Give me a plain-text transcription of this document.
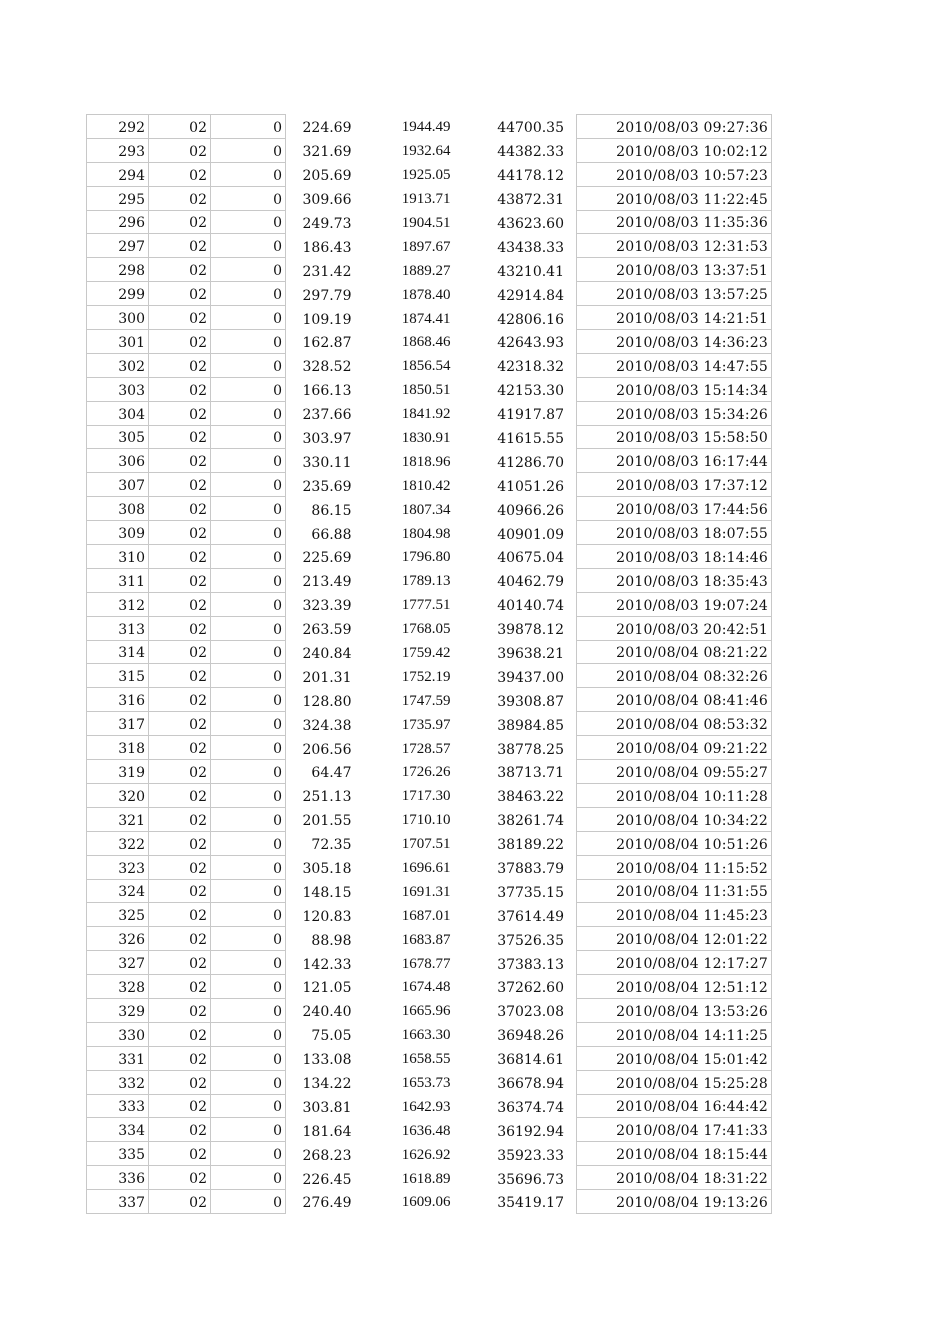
292	02	0	224.69	1944.49	44700.35	2010/08/03 09:27:36
293	02	0	321.69	1932.64	44382.33	2010/08/03 10:02:12
294	02	0	205.69	1925.05	44178.12	2010/08/03 10:57:23
295	02	0	309.66	1913.71	43872.31	2010/08/03 11:22:45
296	02	0	249.73	1904.51	43623.60	2010/08/03 11:35:36
297	02	0	186.43	1897.67	43438.33	2010/08/03 12:31:53
298	02	0	231.42	1889.27	43210.41	2010/08/03 13:37:51
299	02	0	297.79	1878.40	42914.84	2010/08/03 13:57:25
300	02	0	109.19	1874.41	42806.16	2010/08/03 14:21:51
301	02	0	162.87	1868.46	42643.93	2010/08/03 14:36:23
302	02	0	328.52	1856.54	42318.32	2010/08/03 14:47:55
303	02	0	166.13	1850.51	42153.30	2010/08/03 15:14:34
304	02	0	237.66	1841.92	41917.87	2010/08/03 15:34:26
305	02	0	303.97	1830.91	41615.55	2010/08/03 15:58:50
306	02	0	330.11	1818.96	41286.70	2010/08/03 16:17:44
307	02	0	235.69	1810.42	41051.26	2010/08/03 17:37:12
308	02	0	86.15	1807.34	40966.26	2010/08/03 17:44:56
309	02	0	66.88	1804.98	40901.09	2010/08/03 18:07:55
310	02	0	225.69	1796.80	40675.04	2010/08/03 18:14:46
311	02	0	213.49	1789.13	40462.79	2010/08/03 18:35:43
312	02	0	323.39	1777.51	40140.74	2010/08/03 19:07:24
313	02	0	263.59	1768.05	39878.12	2010/08/03 20:42:51
314	02	0	240.84	1759.42	39638.21	2010/08/04 08:21:22
315	02	0	201.31	1752.19	39437.00	2010/08/04 08:32:26
316	02	0	128.80	1747.59	39308.87	2010/08/04 08:41:46
317	02	0	324.38	1735.97	38984.85	2010/08/04 08:53:32
318	02	0	206.56	1728.57	38778.25	2010/08/04 09:21:22
319	02	0	64.47	1726.26	38713.71	2010/08/04 09:55:27
320	02	0	251.13	1717.30	38463.22	2010/08/04 10:11:28
321	02	0	201.55	1710.10	38261.74	2010/08/04 10:34:22
322	02	0	72.35	1707.51	38189.22	2010/08/04 10:51:26
323	02	0	305.18	1696.61	37883.79	2010/08/04 11:15:52
324	02	0	148.15	1691.31	37735.15	2010/08/04 11:31:55
325	02	0	120.83	1687.01	37614.49	2010/08/04 11:45:23
326	02	0	88.98	1683.87	37526.35	2010/08/04 12:01:22
327	02	0	142.33	1678.77	37383.13	2010/08/04 12:17:27
328	02	0	121.05	1674.48	37262.60	2010/08/04 12:51:12
329	02	0	240.40	1665.96	37023.08	2010/08/04 13:53:26
330	02	0	75.05	1663.30	36948.26	2010/08/04 14:11:25
331	02	0	133.08	1658.55	36814.61	2010/08/04 15:01:42
332	02	0	134.22	1653.73	36678.94	2010/08/04 15:25:28
333	02	0	303.81	1642.93	36374.74	2010/08/04 16:44:42
334	02	0	181.64	1636.48	36192.94	2010/08/04 17:41:33
335	02	0	268.23	1626.92	35923.33	2010/08/04 18:15:44
336	02	0	226.45	1618.89	35696.73	2010/08/04 18:31:22
337	02	0	276.49	1609.06	35419.17	2010/08/04 19:13:26
